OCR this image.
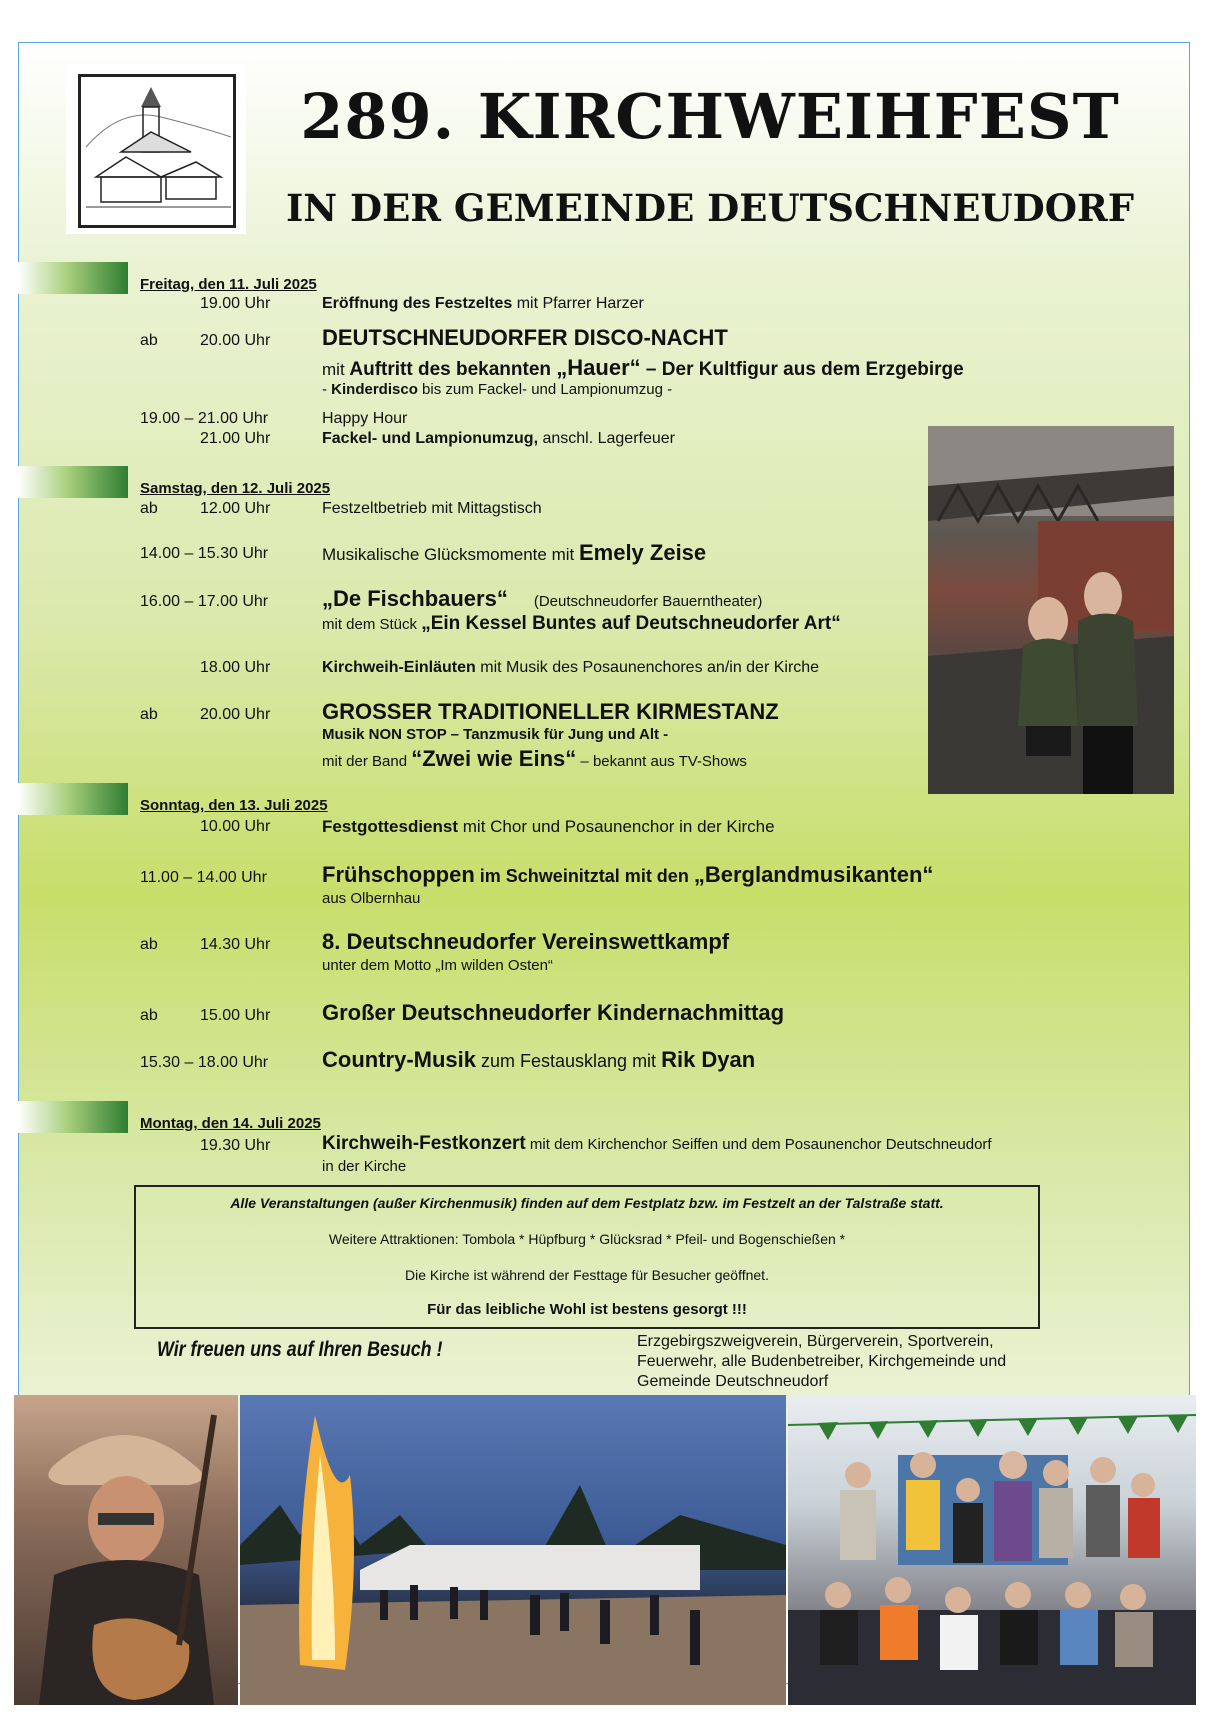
289. KIRCHWEIHFEST
IN DER GEMEINDE DEUTSCHNEUDORF
Freitag, den 11. Juli 2025
19.00 Uhr	Eröffnung des Festzeltes mit Pfarrer Harzer
ab	20.00 Uhr DEUTSCHNEUDORFER DISCO-NACHT
mit Auftritt des bekannten „Hauer“ – Der Kultfigur aus dem Erzgebirge
- Kinderdisco bis zum Fackel- und Lampionumzug -
19.00 – 21.00 Uhr	Happy Hour
21.00 Uhr	Fackel- und Lampionumzug, anschl. Lagerfeuer
Samstag, den 12. Juli 2025
ab	12.00 Uhr	Festzeltbetrieb mit Mittagstisch
14.00 – 15.30 Uhr	Musikalische Glücksmomente mit Emely Zeise
16.00 – 17.00 Uhr „De Fischbauers“ (Deutschneudorfer Bauerntheater)
mit dem Stück „Ein Kessel Buntes auf Deutschneudorfer Art“
18.00 Uhr	Kirchweih-Einläuten mit Musik des Posaunenchores an/in der Kirche
ab	20.00 Uhr GROSSER TRADITIONELLER KIRMESTANZ
Musik NON STOP – Tanzmusik für Jung und Alt -
mit der Band “Zwei wie Eins“ – bekannt aus TV-Shows
Sonntag, den 13. Juli 2025
10.00 Uhr	Festgottesdienst mit Chor und Posaunenchor in der Kirche
11.00 – 14.00 Uhr	Frühschoppen im Schweinitztal mit den „Berglandmusikanten“
aus Olbernhau
ab	14.30 Uhr 8. Deutschneudorfer Vereinswettkampf
unter dem Motto „Im wilden Osten“
ab	15.00 Uhr Großer Deutschneudorfer Kindernachmittag
15.30 – 18.00 Uhr Country-Musik zum Festausklang mit Rik Dyan
Montag, den 14. Juli 2025
19.30 Uhr	Kirchweih-Festkonzert mit dem Kirchenchor Seiffen und dem Posaunenchor Deutschneudorf
in der Kirche
Alle Veranstaltungen (außer Kirchenmusik) finden auf dem Festplatz bzw. im Festzelt an der Talstraße statt.
Weitere Attraktionen: Tombola * Hüpfburg * Glücksrad * Pfeil- und Bogenschießen *
Die Kirche ist während der Festtage für Besucher geöffnet.
Für das leibliche Wohl ist bestens gesorgt !!!
Wir freuen uns auf Ihren Besuch !	Erzgebirgszweigverein, Bürgerverein, Sportverein, Feuerwehr, alle Budenbetreiber, Kirchgemeinde und Gemeinde Deutschneudorf
